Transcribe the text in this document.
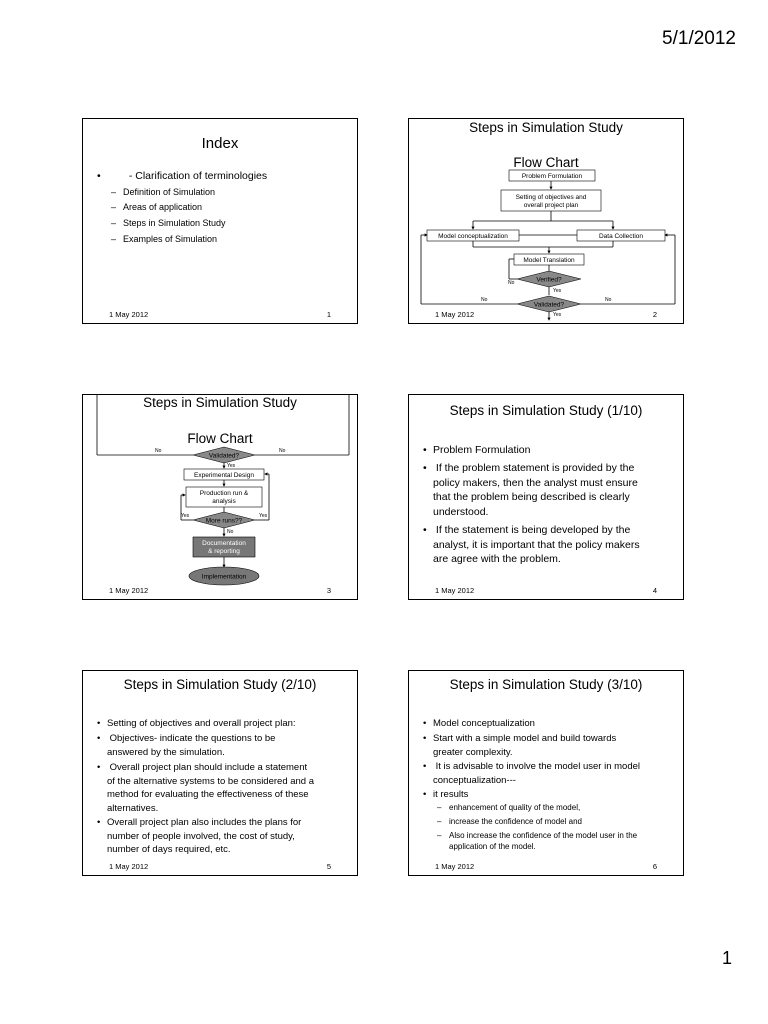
5/1/2012
Index
•	- Clarification of terminologies
– Definition of Simulation
– Areas of application
– Steps in Simulation Study
– Examples of Simulation
1 May 2012	1
Steps in Simulation Study
Flow Chart
Problem Formulation
Setting of objectives and
overall project plan
Model conceptualization	Data Collection
Model Translation
Verified?
Validated?
No
Yes
No	No
Yes
1 May 2012	2
Steps in Simulation Study
Flow Chart
Validated?
Experimental Design
Production run &
analysis
More runs??
Documentation
& reporting
Implementation
No	No
Yes
Yes	Yes
No
1 May 2012	3
Steps in Simulation Study (1/10)
• Problem Formulation
• If the problem statement is provided by the
policy makers, then the analyst must ensure
that the problem being described is clearly
understood.
• If the statement is being developed by the
analyst, it is important that the policy makers
are agree with the problem.
1 May 2012	4
Steps in Simulation Study (2/10)
• Setting of objectives and overall project plan:
• Objectives- indicate the questions to be
answered by the simulation.
• Overall project plan should include a statement
of the alternative systems to be considered and a
method for evaluating the effectiveness of these
alternatives.
• Overall project plan also includes the plans for
number of people involved, the cost of study,
number of days required, etc.
1 May 2012	5
Steps in Simulation Study (3/10)
• Model conceptualization
• Start with a simple model and build towards
greater complexity.
• It is advisable to involve the model user in model
conceptualization---
• it results
– enhancement of quality of the model,
– increase the confidence of model and
– Also increase the confidence of the model user in the
application of the model.
1 May 2012	6
1
